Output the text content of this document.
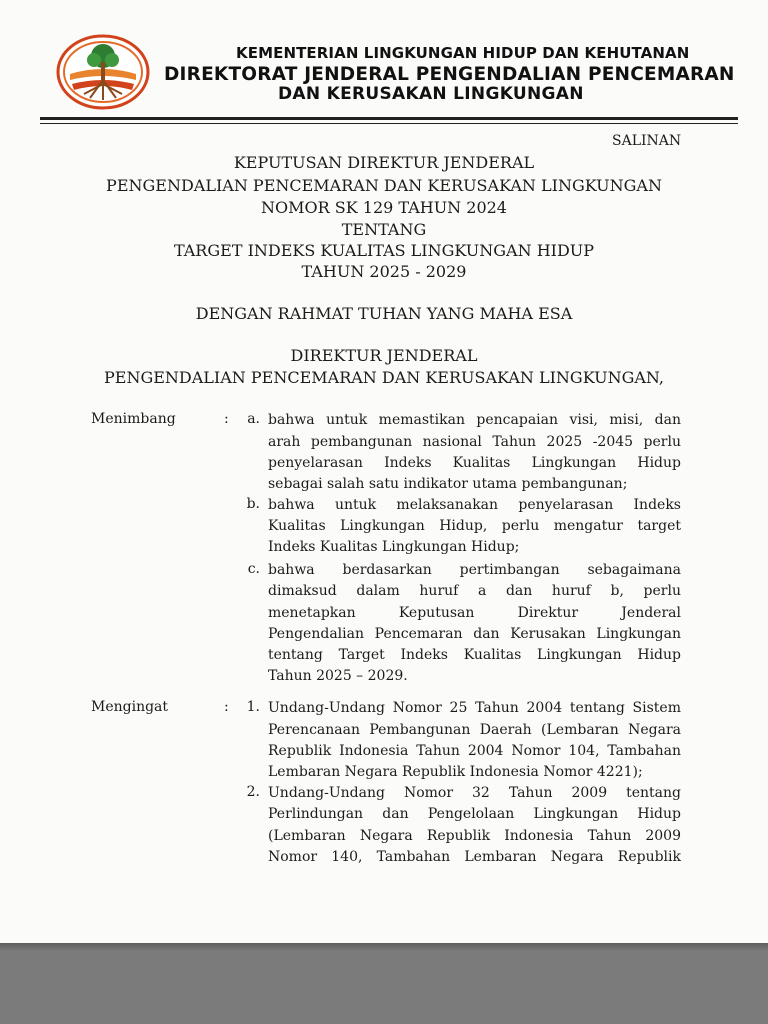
KEMENTERIAN LINGKUNGAN HIDUP DAN KEHUTANAN
DIREKTORAT JENDERAL PENGENDALIAN PENCEMARAN
DAN KERUSAKAN LINGKUNGAN
SALINAN
KEPUTUSAN DIREKTUR JENDERAL
PENGENDALIAN PENCEMARAN DAN KERUSAKAN LINGKUNGAN
NOMOR SK 129 TAHUN 2024
TENTANG
TARGET INDEKS KUALITAS LINGKUNGAN HIDUP
TAHUN 2025 - 2029
DENGAN RAHMAT TUHAN YANG MAHA ESA
DIREKTUR JENDERAL
PENGENDALIAN PENCEMARAN DAN KERUSAKAN LINGKUNGAN,
Menimbang	:	a. bahwa untuk memastikan pencapaian visi, misi, dan
arah pembangunan nasional Tahun 2025 -2045 perlu
penyelarasan Indeks Kualitas Lingkungan Hidup
sebagai salah satu indikator utama pembangunan;
b. bahwa untuk melaksanakan penyelarasan Indeks
Kualitas Lingkungan Hidup, perlu mengatur target
Indeks Kualitas Lingkungan Hidup;
c. bahwa berdasarkan pertimbangan sebagaimana
dimaksud dalam huruf a dan huruf b, perlu
menetapkan Keputusan Direktur Jenderal
Pengendalian Pencemaran dan Kerusakan Lingkungan
tentang Target Indeks Kualitas Lingkungan Hidup
Tahun 2025 – 2029.
Mengingat	:	1. Undang-Undang Nomor 25 Tahun 2004 tentang Sistem
Perencanaan Pembangunan Daerah (Lembaran Negara
Republik Indonesia Tahun 2004 Nomor 104, Tambahan
Lembaran Negara Republik Indonesia Nomor 4221);
2. Undang-Undang Nomor 32 Tahun 2009 tentang
Perlindungan dan Pengelolaan Lingkungan Hidup
(Lembaran Negara Republik Indonesia Tahun 2009
Nomor 140, Tambahan Lembaran Negara Republik
